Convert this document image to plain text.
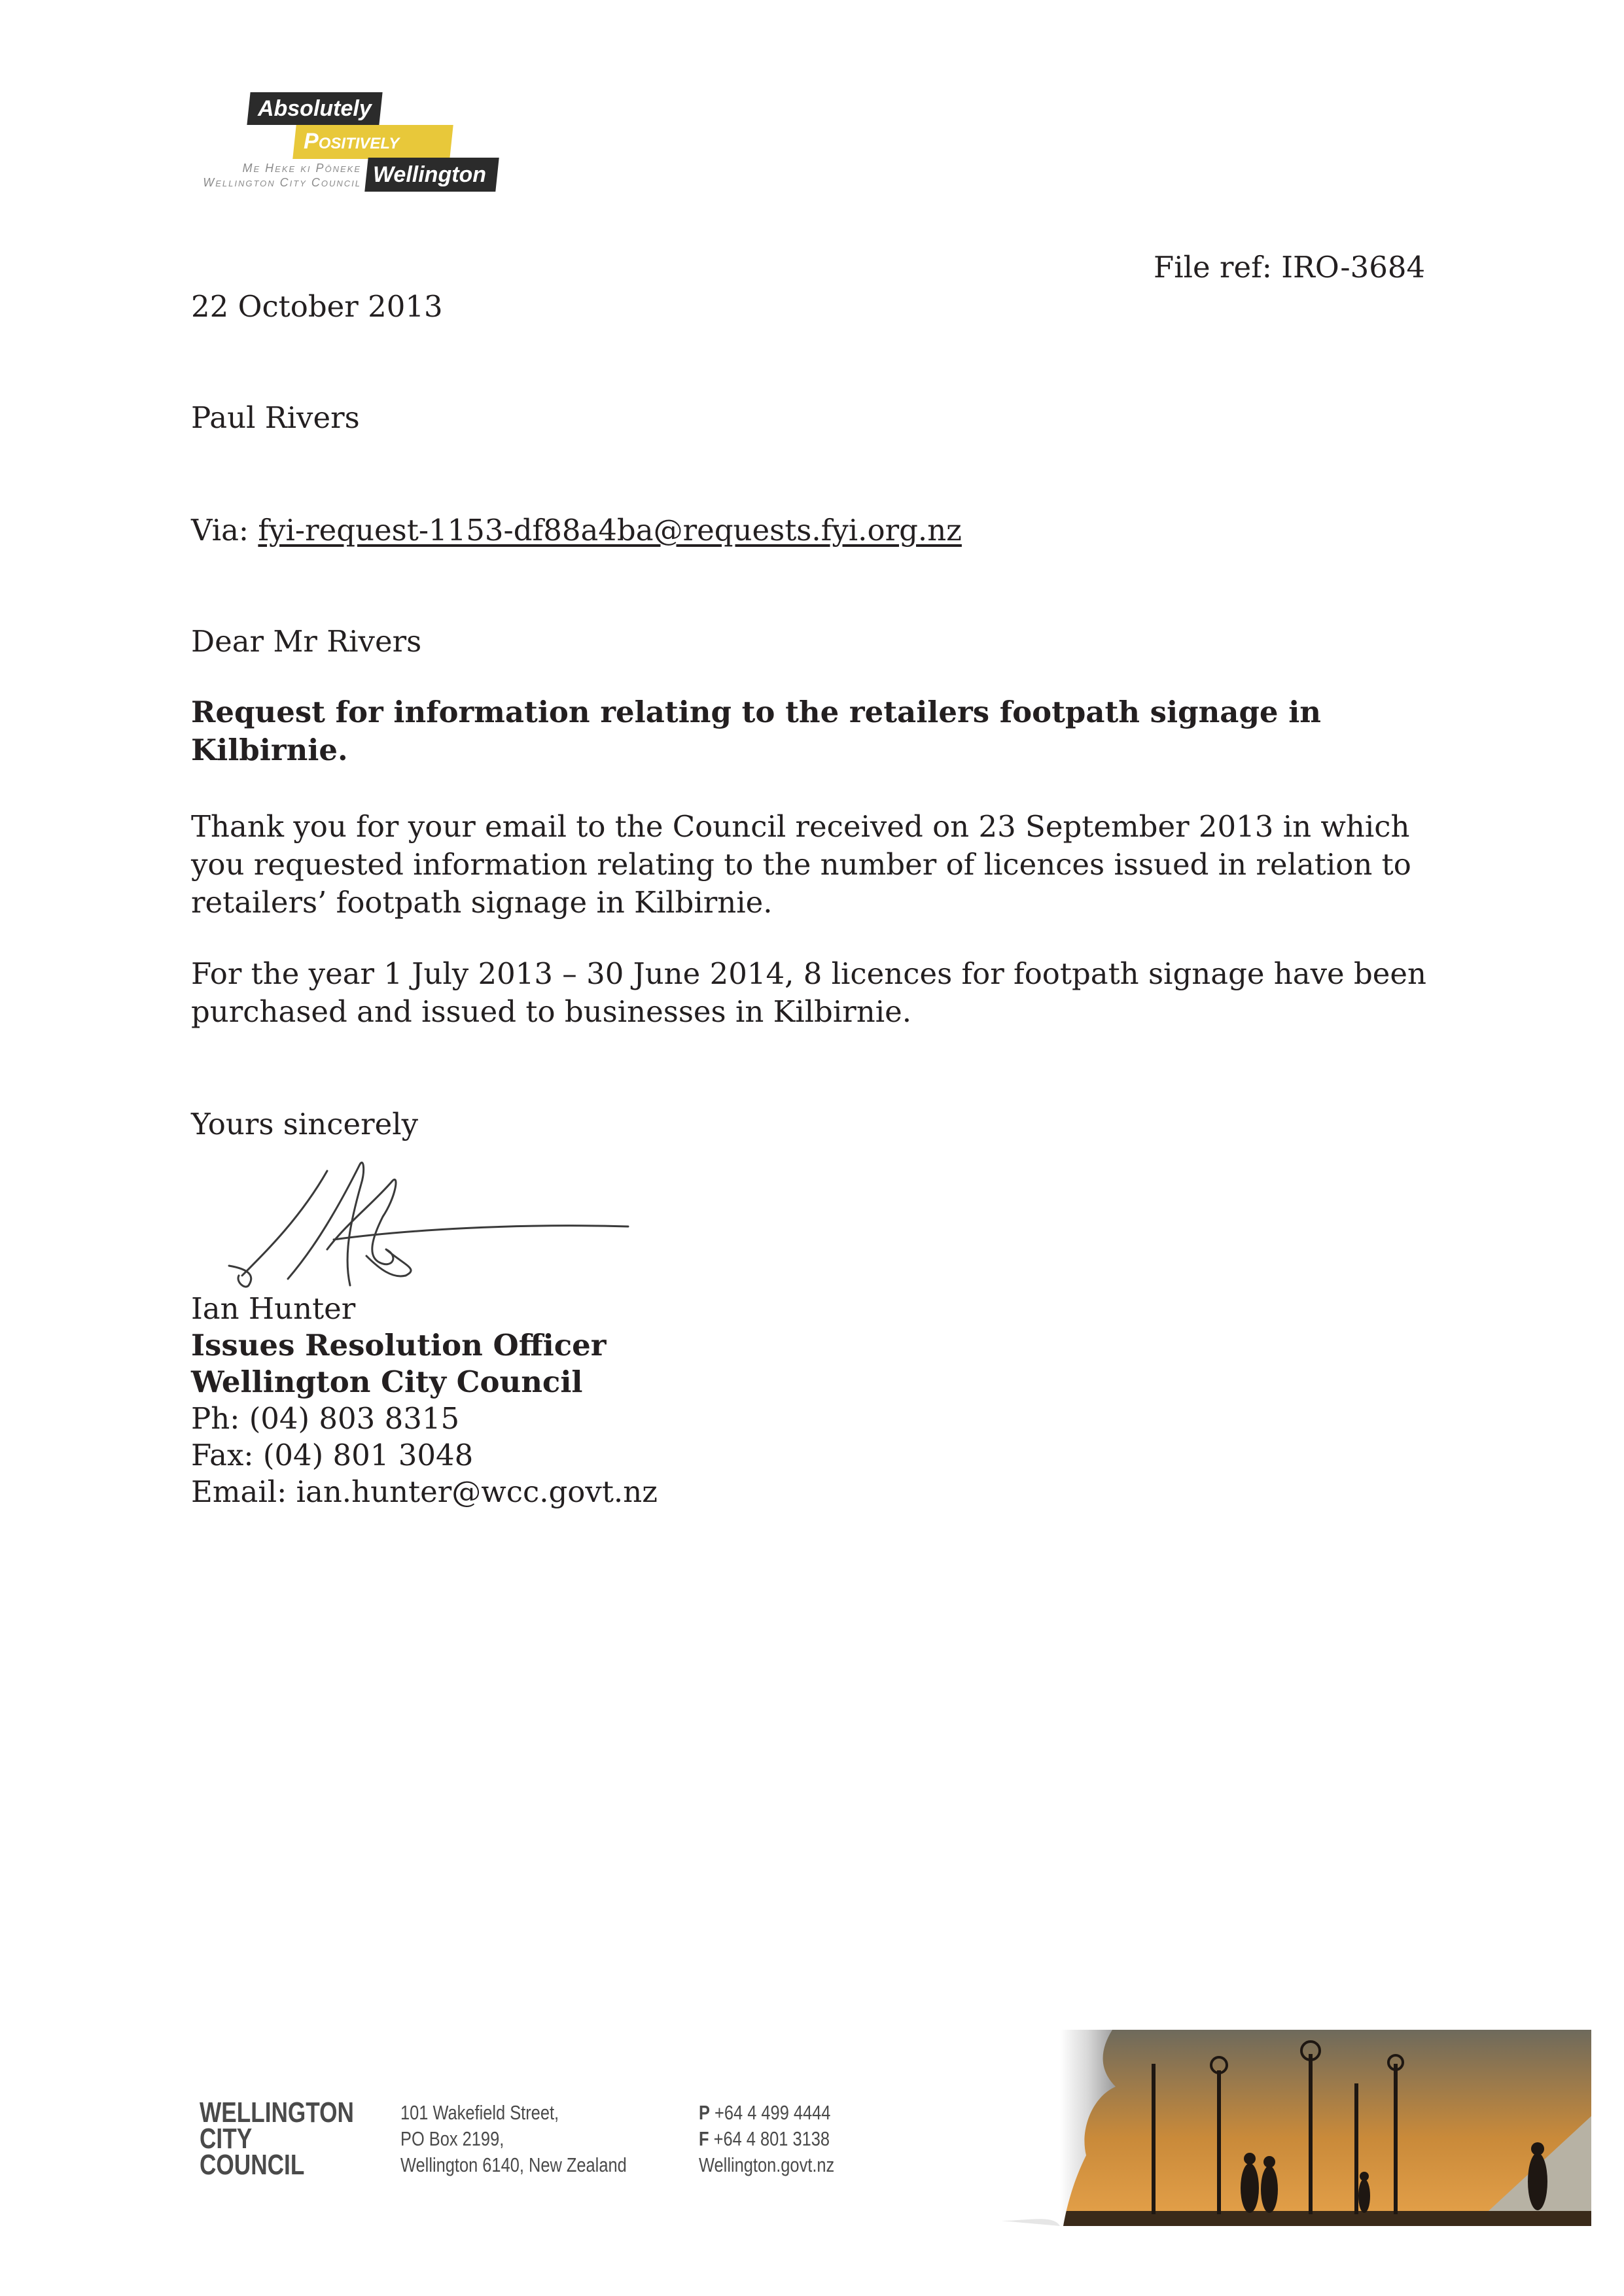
Absolutely
Positively
Wellington
Me Heke ki Pōneke
Wellington City Council
File ref: IRO-3684
22 October 2013
Paul Rivers
Via: fyi-request-1153-df88a4ba@requests.fyi.org.nz
Dear Mr Rivers
Request for information relating to the retailers footpath signage in Kilbirnie.
Thank you for your email to the Council received on 23 September 2013 in which you requested information relating to the number of licences issued in relation to retailers’ footpath signage in Kilbirnie.
For the year 1 July 2013 – 30 June 2014, 8 licences for footpath signage have been purchased and issued to businesses in Kilbirnie.
Yours sincerely
Ian Hunter
Issues Resolution Officer
Wellington City Council
Ph: (04) 803 8315
Fax: (04) 801 3048
Email: ian.hunter@wcc.govt.nz
WELLINGTON
CITY
COUNCIL
101 Wakefield Street,
PO Box 2199,
Wellington 6140, New Zealand
P +64 4 499 4444
F +64 4 801 3138
Wellington.govt.nz
